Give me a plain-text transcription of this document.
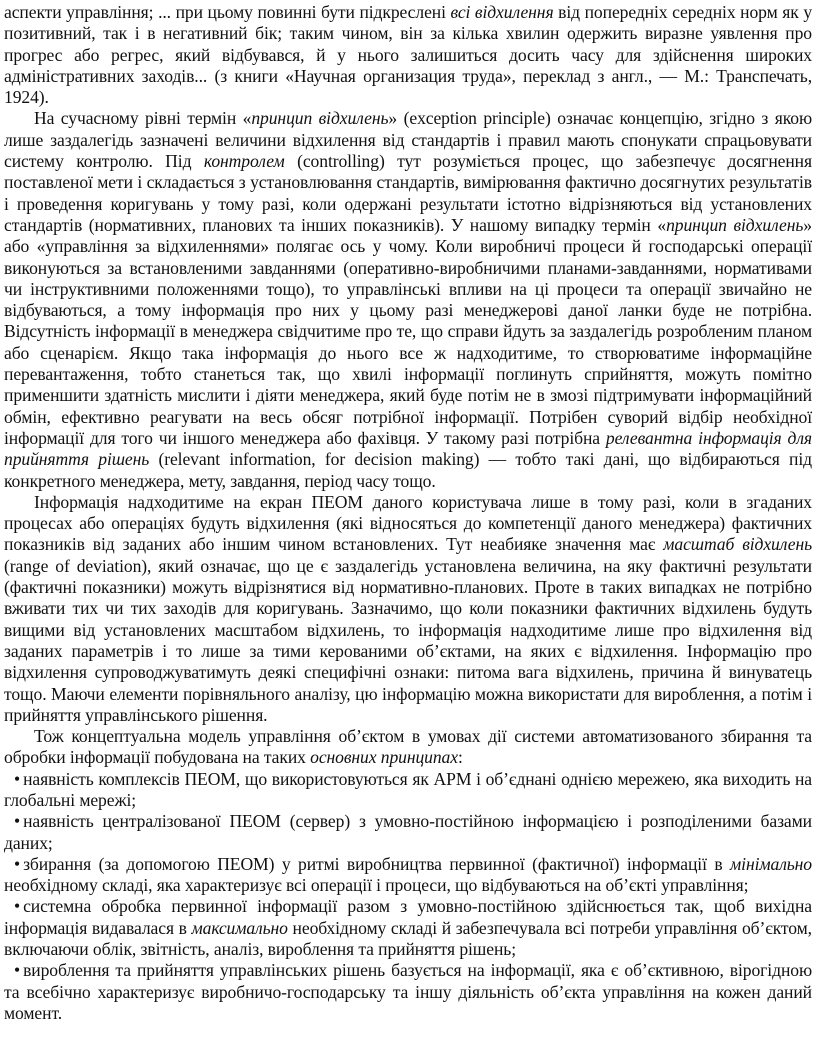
аспекти управління; ... при цьому повинні бути підкреслені всі відхилення від попередніх середніх норм як у позитивний, так і в негативний бік; таким чином, він за кілька хвилин одержить виразне уявлення про прогрес або регрес, який відбувався, й у нього залишиться досить часу для здійснення широких адміністративних заходів... (з книги «Научная организация труда», переклад з англ., — М.: Транспечать, 1924).

На сучасному рівні термін «принцип відхилень» (exception principle) означає концепцію, згідно з якою лише заздалегідь зазначені величини відхилення від стандартів і правил мають спонукати спрацьовувати систему контролю. Під контролем (controlling) тут розуміється процес, що забезпечує досягнення поставленої мети і складається з установлювання стандартів, вимірювання фактично досягнутих результатів і проведення коригувань у тому разі, коли одержані результати істотно відрізняються від установлених стандартів (нормативних, планових та інших показників). У нашому випадку термін «принцип відхилень» або «управління за відхиленнями» полягає ось у чому. Коли виробничі процеси й господарські операції виконуються за встановленими завданнями (оперативно-виробничими планами-завданнями, нормативами чи інструктивними положеннями тощо), то управлінські впливи на ці процеси та операції звичайно не відбуваються, а тому інформація про них у цьому разі менеджерові даної ланки буде не потрібна. Відсутність інформації в менеджера свідчитиме про те, що справи йдуть за заздалегідь розробленим планом або сценарієм. Якщо така інформація до нього все ж надходитиме, то створюватиме інформаційне перевантаження, тобто станеться так, що хвилі інформації поглинуть сприйняття, можуть помітно применшити здатність мислити і діяти менеджера, який буде потім не в змозі підтримувати інформаційний обмін, ефективно реагувати на весь обсяг потрібної інформації. Потрібен суворий відбір необхідної інформації для того чи іншого менеджера або фахівця. У такому разі потрібна релевантна інформація для прийняття рішень (relevant information, for decision making) — тобто такі дані, що відбираються під конкретного менеджера, мету, завдання, період часу тощо.

Інформація надходитиме на екран ПЕОМ даного користувача лише в тому разі, коли в згаданих процесах або операціях будуть відхилення (які відносяться до компетенції даного менеджера) фактичних показників від заданих або іншим чином встановлених. Тут неабияке значення має масштаб відхилень (range of deviation), який означає, що це є заздалегідь установлена величина, на яку фактичні результати (фактичні показники) можуть відрізнятися від нормативно-планових. Проте в таких випадках не потрібно вживати тих чи тих заходів для коригувань. Зазначимо, що коли показники фактичних відхилень будуть вищими від установлених масштабом відхилень, то інформація надходитиме лише про відхилення від заданих параметрів і то лише за тими керованими об’єктами, на яких є відхилення. Інформацію про відхилення супроводжуватимуть деякі специфічні ознаки: питома вага відхилень, причина й винуватець тощо. Маючи елементи порівняльного аналізу, цю інформацію можна використати для вироблення, а потім і прийняття управлінського рішення.

Тож концептуальна модель управління об’єктом в умовах дії системи автоматизованого збирання та обробки інформації побудована на таких основних принципах:

• наявність комплексів ПЕОМ, що використовуються як АРМ і об’єднані однією мережею, яка виходить на глобальні мережі;

• наявність централізованої ПЕОМ (сервер) з умовно-постійною інформацією і розподіленими базами даних;

• збирання (за допомогою ПЕОМ) у ритмі виробництва первинної (фактичної) інформації в мінімально необхідному складі, яка характеризує всі операції і процеси, що відбуваються на об’єкті управління;

• системна обробка первинної інформації разом з умовно-постійною здійснюється так, щоб вихідна інформація видавалася в максимально необхідному складі й забезпечувала всі потреби управління об’єктом, включаючи облік, звітність, аналіз, вироблення та прийняття рішень;

• вироблення та прийняття управлінських рішень базується на інформації, яка є об’єктивною, вірогідною та всебічно характеризує виробничо-господарську та іншу діяльність об’єкта управління на кожен даний момент.
